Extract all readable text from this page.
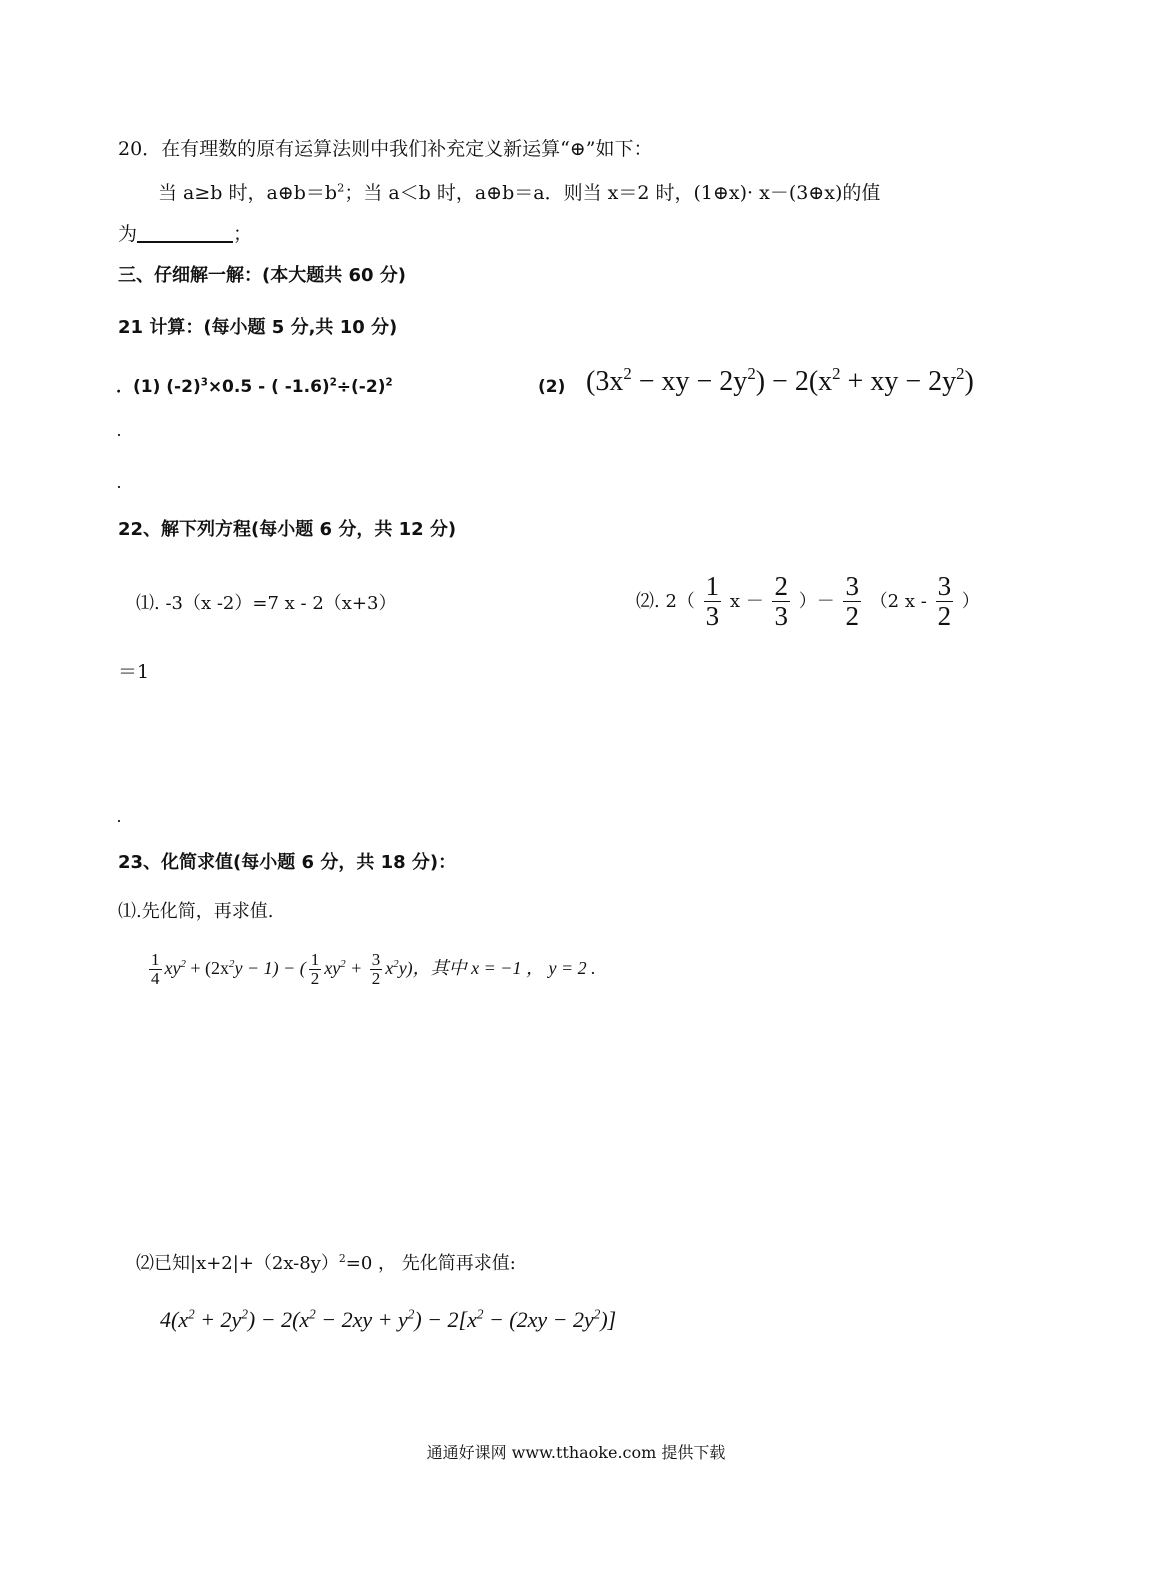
20．在有理数的原有运算法则中我们补充定义新运算“⊕”如下：
当 a≥b 时，$a\oplus b=b^2$；当 a＜b 时，a⊕b＝a．则当 x＝2 时，(1⊕x)· x－(3⊕x)的值
为	；
三、仔细解一解：(本大题共 60 分)
21 计算：(每小题 5 分,共 10 分)
．(1) $(-2)^3\times 0.5$ - ( $-1.6)^2\div(-2)^2$	(2) ($3x^2$ − xy − $2y^2) - 2(x^2$ + xy − $2y^2$)
22、解下列方程(每小题 6 分，共 12 分)
⑴. -3（x -2）=7 x - 2（x+3）	⑵. $2( \frac{1}{3}$ $x - \frac{2}{3}$ ）－ $\frac{3}{2} (2$ x - $\frac{3}{2}$ ）
＝1
23、化简求值(每小题 6 分，共 18 分)：
⑴.先化简，再求值.
$\frac{1}{4} xy^2 + (2x^2y - 1)$ − ( $\frac{1}{2} xy^2 + \frac{3}{2} x^2y$)，其中 x = −1 ， y = 2 .
⑵已知$|x+2|+(2x-8y)^2=0$ ， 先化简再求值:
$4(x^2 + 2y^2) - 2(x^2 - 2xy + y^2) - 2[x^2 - (2xy - 2y^2)]$
通通好课网 www.tthaoke.com 提供下载
